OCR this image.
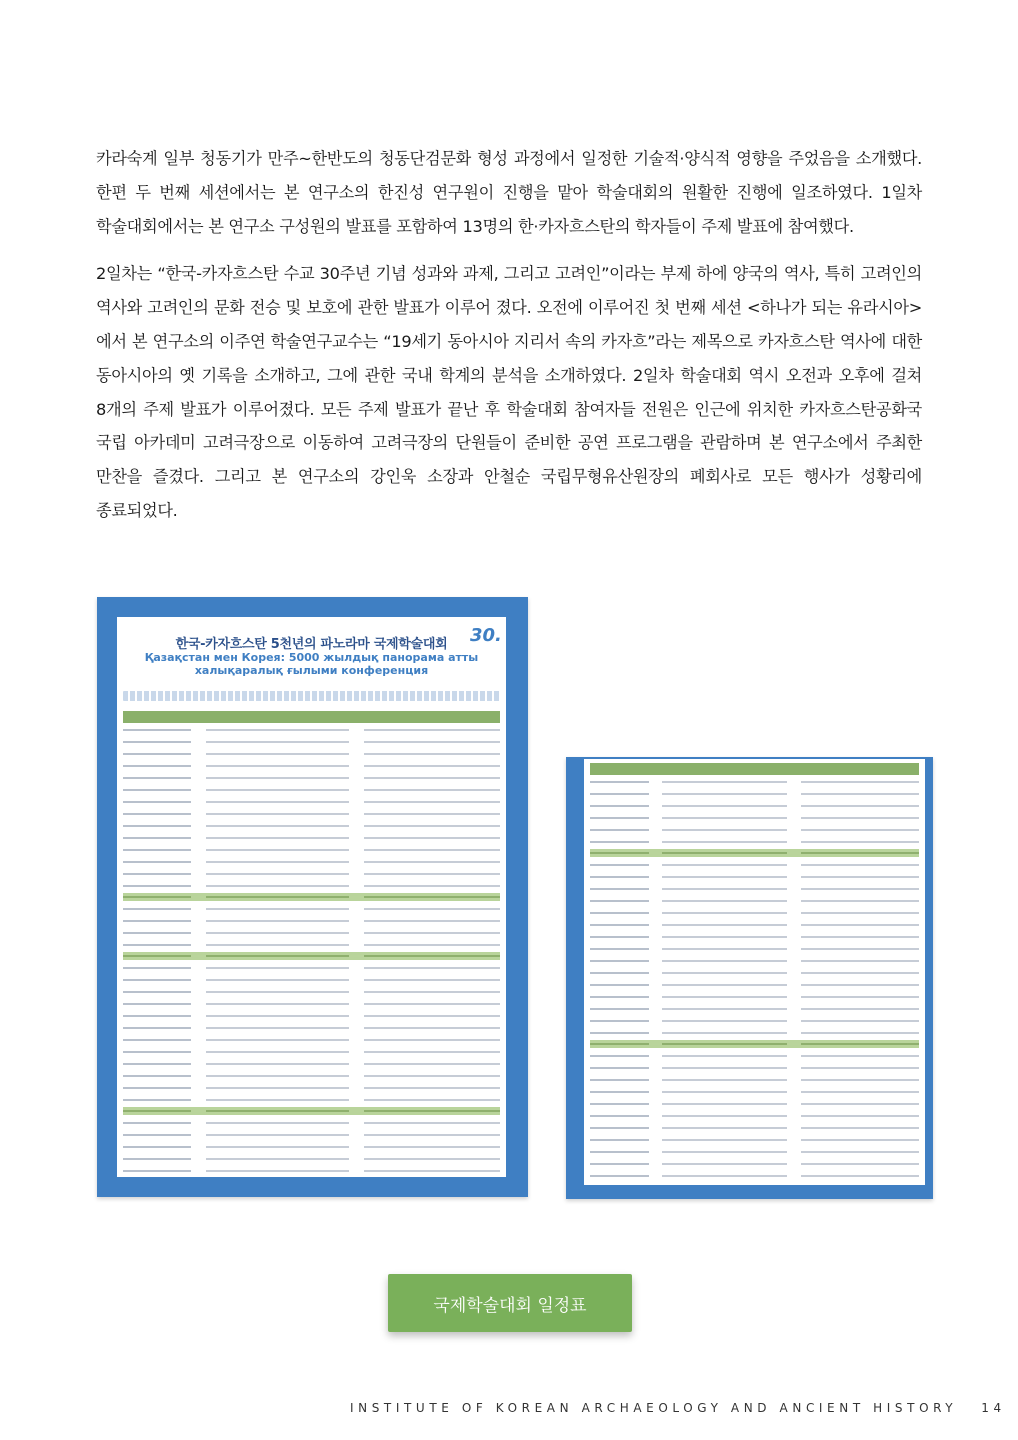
카라숙계 일부 청동기가 만주~한반도의 청동단검문화 형성 과정에서 일정한 기술적·양식적 영향을 주었음을 소개했다. 한편 두 번째 세션에서는 본 연구소의 한진성 연구원이 진행을 맡아 학술대회의 원활한 진행에 일조하였다. 1일차 학술대회에서는 본 연구소 구성원의 발표를 포함하여 13명의 한·카자흐스탄의 학자들이 주제 발표에 참여했다.

2일차는 “한국-카자흐스탄 수교 30주년 기념 성과와 과제, 그리고 고려인”이라는 부제 하에 양국의 역사, 특히 고려인의 역사와 고려인의 문화 전승 및 보호에 관한 발표가 이루어 졌다. 오전에 이루어진 첫 번째 세션 <하나가 되는 유라시아>에서 본 연구소의 이주연 학술연구교수는 “19세기 동아시아 지리서 속의 카자흐”라는 제목으로 카자흐스탄 역사에 대한 동아시아의 옛 기록을 소개하고, 그에 관한 국내 학계의 분석을 소개하였다. 2일차 학술대회 역시 오전과 오후에 걸쳐 8개의 주제 발표가 이루어졌다. 모든 주제 발표가 끝난 후 학술대회 참여자들 전원은 인근에 위치한 카자흐스탄공화국 국립 아카데미 고려극장으로 이동하여 고려극장의 단원들이 준비한 공연 프로그램을 관람하며 본 연구소에서 주최한 만찬을 즐겼다. 그리고 본 연구소의 강인욱 소장과 안철순 국립무형유산원장의 폐회사로 모든 행사가 성황리에 종료되었다.

30.
한국-카자흐스탄 5천년의 파노라마 국제학술대회
Қазақстан мен Корея: 5000 жылдық панорама атты халықаралық ғылыми конференция
국제학술대회 일정표
INSTITUTE OF KOREAN ARCHAEOLOGY AND ANCIENT HISTORY 14
